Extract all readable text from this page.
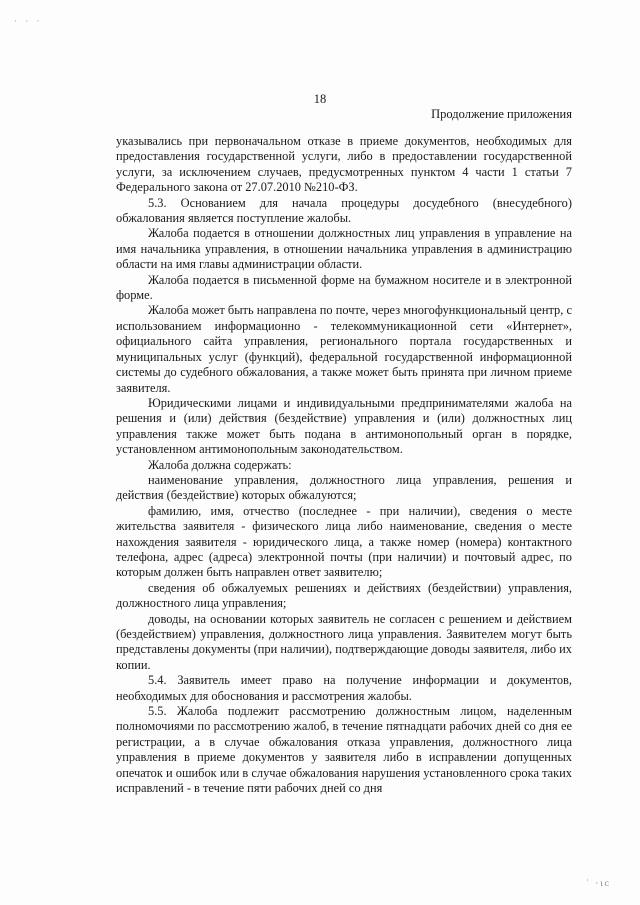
· · ·
18
Продолжение приложения

указывались при первоначальном отказе в приеме документов, необходимых для предоставления государственной услуги, либо в предоставлении государственной услуги, за исключением случаев, предусмотренных пунктом 4 части 1 статьи 7 Федерального закона от 27.07.2010 №210-ФЗ.

5.3. Основанием для начала процедуры досудебного (внесудебного) обжалования является поступление жалобы.

Жалоба подается в отношении должностных лиц управления в управление на имя начальника управления, в отношении начальника управления в администрацию области на имя главы администрации области.

Жалоба подается в письменной форме на бумажном носителе и в электронной форме.

Жалоба может быть направлена по почте, через многофункциональный центр, с использованием информационно - телекоммуникационной сети «Интернет», официального сайта управления, регионального портала государственных и муниципальных услуг (функций), федеральной государственной информационной системы до судебного обжалования, а также может быть принята при личном приеме заявителя.

Юридическими лицами и индивидуальными предпринимателями жалоба на решения и (или) действия (бездействие) управления и (или) должностных лиц управления также может быть подана в антимонопольный орган в порядке, установленном антимонопольным законодательством.

Жалоба должна содержать:

наименование управления, должностного лица управления, решения и действия (бездействие) которых обжалуются;

фамилию, имя, отчество (последнее - при наличии), сведения о месте жительства заявителя - физического лица либо наименование, сведения о месте нахождения заявителя - юридического лица, а также номер (номера) контактного телефона, адрес (адреса) электронной почты (при наличии) и почтовый адрес, по которым должен быть направлен ответ заявителю;

сведения об обжалуемых решениях и действиях (бездействии) управления, должностного лица управления;

доводы, на основании которых заявитель не согласен с решением и действием (бездействием) управления, должностного лица управления. Заявителем могут быть представлены документы (при наличии), подтверждающие доводы заявителя, либо их копии.

5.4. Заявитель имеет право на получение информации и документов, необходимых для обоснования и рассмотрения жалобы.

5.5. Жалоба подлежит рассмотрению должностным лицом, наделенным полномочиями по рассмотрению жалоб, в течение пятнадцати рабочих дней со дня ее регистрации, а в случае обжалования отказа управления, должностного лица управления в приеме документов у заявителя либо в исправлении допущенных опечаток и ошибок или в случае обжалования нарушения установленного срока таких исправлений - в течение пяти рабочих дней со дня

˙ ·ιᴄ
